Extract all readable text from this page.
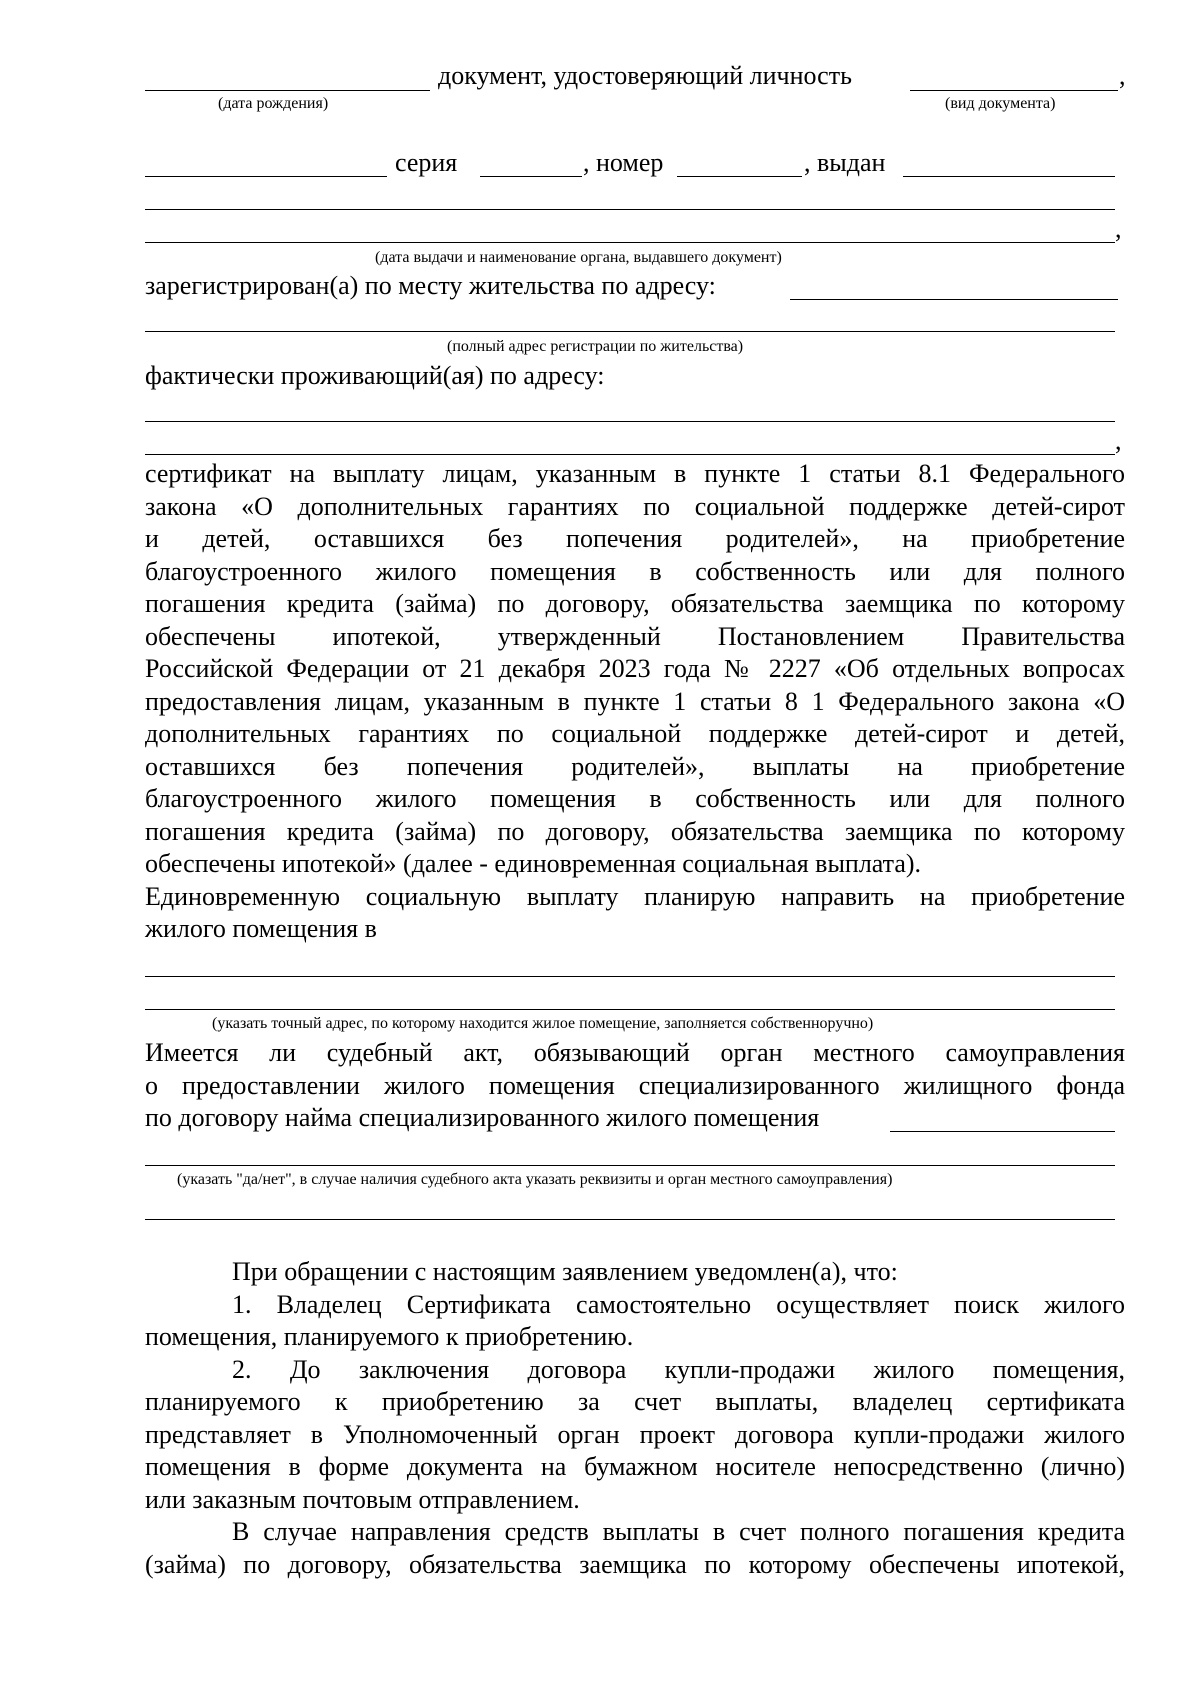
документ, удостоверяющий личность	,
(дата рождения)	(вид документа)
серия	, номер	, выдан
,
(дата выдачи и наименование органа, выдавшего документ)
зарегистрирован(а) по месту жительства по адресу:
(полный адрес регистрации по жительства)
фактически проживающий(ая) по адресу:
,
сертификат на выплату лицам, указанным в пункте 1 статьи 8.1 Федерального
закона «О дополнительных гарантиях по социальной поддержке детей-сирот
и детей, оставшихся без попечения родителей», на приобретение
благоустроенного жилого помещения в собственность или для полного
погашения кредита (займа) по договору, обязательства заемщика по которому
обеспечены ипотекой, утвержденный Постановлением Правительства
Российской Федерации от 21 декабря 2023 года № 2227 «Об отдельных вопросах
предоставления лицам, указанным в пункте 1 статьи 8 1 Федерального закона «О
дополнительных гарантиях по социальной поддержке детей-сирот и детей,
оставшихся без попечения родителей», выплаты на приобретение
благоустроенного жилого помещения в собственность или для полного
погашения кредита (займа) по договору, обязательства заемщика по которому
обеспечены ипотекой» (далее - единовременная социальная выплата).
Единовременную социальную выплату планирую направить на приобретение
жилого помещения в
(указать точный адрес, по которому находится жилое помещение, заполняется собственноручно)
Имеется ли судебный акт, обязывающий орган местного самоуправления
о предоставлении жилого помещения специализированного жилищного фонда
по договору найма специализированного жилого помещения
(указать "да/нет", в случае наличия судебного акта указать реквизиты и орган местного самоуправления)
При обращении с настоящим заявлением уведомлен(а), что:
1. Владелец Сертификата самостоятельно осуществляет поиск жилого
помещения, планируемого к приобретению.
2. До заключения договора купли-продажи жилого помещения,
планируемого к приобретению за счет выплаты, владелец сертификата
представляет в Уполномоченный орган проект договора купли-продажи жилого
помещения в форме документа на бумажном носителе непосредственно (лично)
или заказным почтовым отправлением.
В случае направления средств выплаты в счет полного погашения кредита
(займа) по договору, обязательства заемщика по которому обеспечены ипотекой,
